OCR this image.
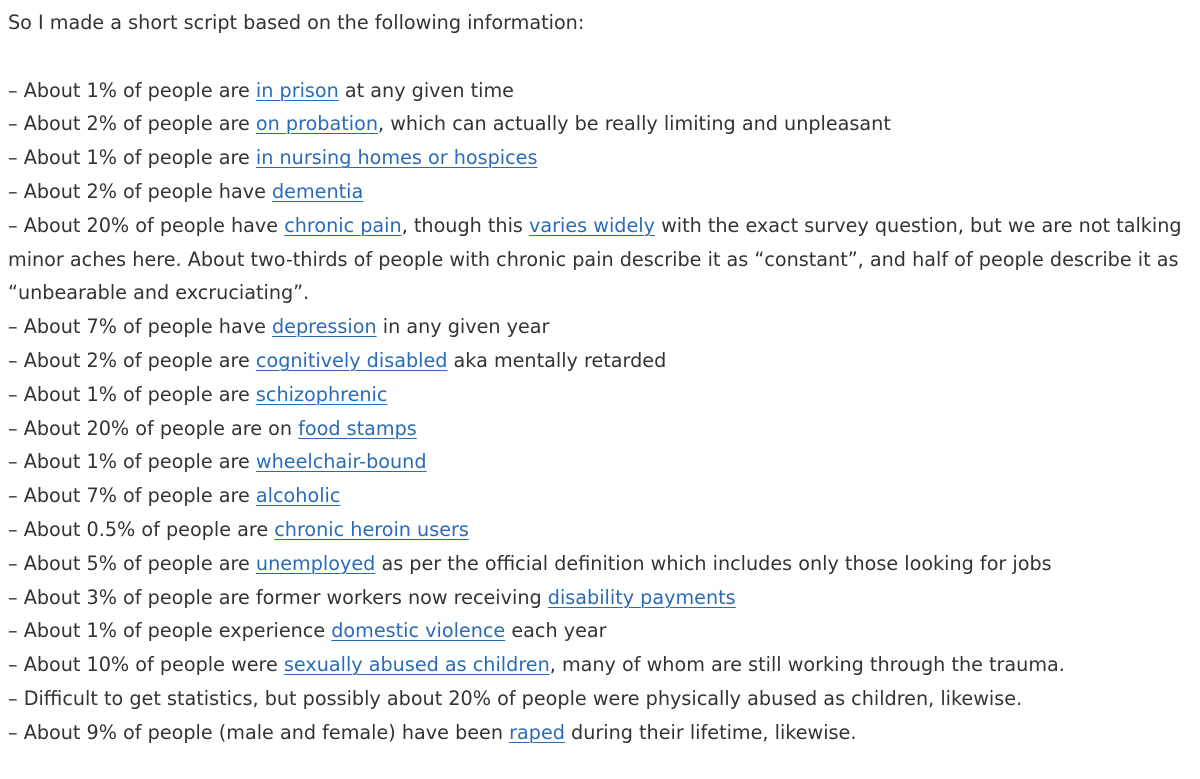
So I made a short script based on the following information:

– About 1% of people are in prison at any given time
– About 2% of people are on probation, which can actually be really limiting and unpleasant
– About 1% of people are in nursing homes or hospices
– About 2% of people have dementia
– About 20% of people have chronic pain, though this varies widely with the exact survey question, but we are not talking minor aches here. About two-thirds of people with chronic pain describe it as “constant”, and half of people describe it as “unbearable and excruciating”.
– About 7% of people have depression in any given year
– About 2% of people are cognitively disabled aka mentally retarded
– About 1% of people are schizophrenic
– About 20% of people are on food stamps
– About 1% of people are wheelchair-bound
– About 7% of people are alcoholic
– About 0.5% of people are chronic heroin users
– About 5% of people are unemployed as per the official definition which includes only those looking for jobs
– About 3% of people are former workers now receiving disability payments
– About 1% of people experience domestic violence each year
– About 10% of people were sexually abused as children, many of whom are still working through the trauma.
– Difficult to get statistics, but possibly about 20% of people were physically abused as children, likewise.
– About 9% of people (male and female) have been raped during their lifetime, likewise.
